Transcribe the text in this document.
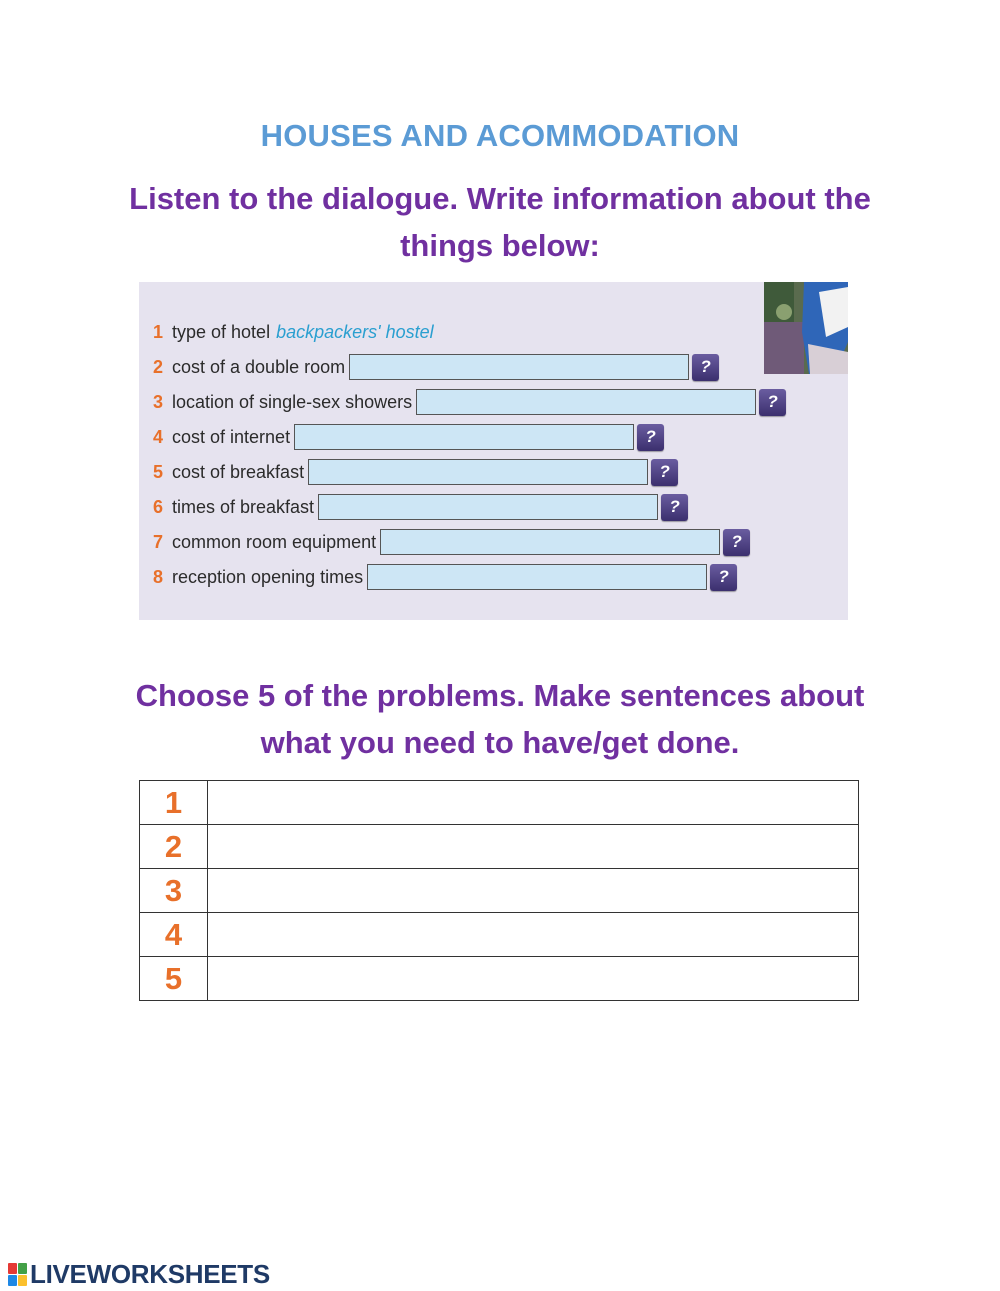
HOUSES AND ACOMMODATION
Listen to the dialogue. Write information about the things below:
1 type of hotel backpackers' hostel
2 cost of a double room	?
3 location of single-sex showers	?
4 cost of internet	?
5 cost of breakfast	?
6 times of breakfast	?
7 common room equipment	?
8 reception opening times	?
Choose 5 of the problems. Make sentences about what you need to have/get done.
1	
2	
3	
4	
5	
LIVEWORKSHEETS
